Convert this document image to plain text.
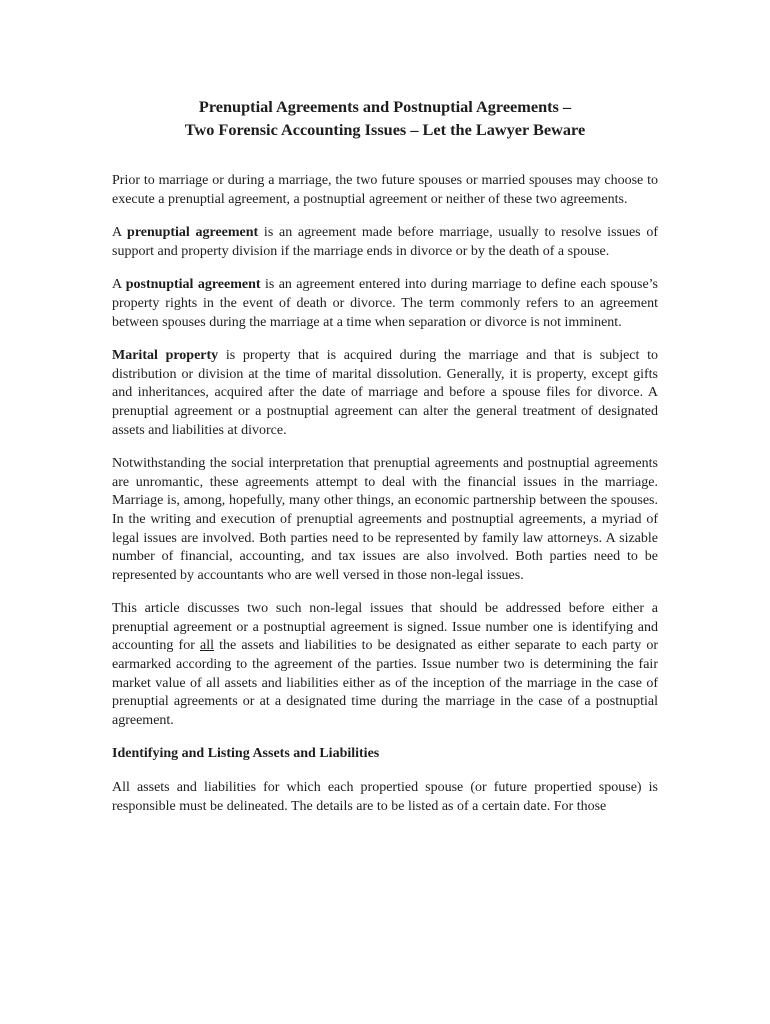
Prenuptial Agreements and Postnuptial Agreements –
Two Forensic Accounting Issues – Let the Lawyer Beware
Prior to marriage or during a marriage, the two future spouses or married spouses may choose to execute a prenuptial agreement, a postnuptial agreement or neither of these two agreements.
A prenuptial agreement is an agreement made before marriage, usually to resolve issues of support and property division if the marriage ends in divorce or by the death of a spouse.
A postnuptial agreement is an agreement entered into during marriage to define each spouse’s property rights in the event of death or divorce. The term commonly refers to an agreement between spouses during the marriage at a time when separation or divorce is not imminent.
Marital property is property that is acquired during the marriage and that is subject to distribution or division at the time of marital dissolution. Generally, it is property, except gifts and inheritances, acquired after the date of marriage and before a spouse files for divorce. A prenuptial agreement or a postnuptial agreement can alter the general treatment of designated assets and liabilities at divorce.
Notwithstanding the social interpretation that prenuptial agreements and postnuptial agreements are unromantic, these agreements attempt to deal with the financial issues in the marriage. Marriage is, among, hopefully, many other things, an economic partnership between the spouses. In the writing and execution of prenuptial agreements and postnuptial agreements, a myriad of legal issues are involved. Both parties need to be represented by family law attorneys. A sizable number of financial, accounting, and tax issues are also involved. Both parties need to be represented by accountants who are well versed in those non-legal issues.
This article discusses two such non-legal issues that should be addressed before either a prenuptial agreement or a postnuptial agreement is signed. Issue number one is identifying and accounting for all the assets and liabilities to be designated as either separate to each party or earmarked according to the agreement of the parties. Issue number two is determining the fair market value of all assets and liabilities either as of the inception of the marriage in the case of prenuptial agreements or at a designated time during the marriage in the case of a postnuptial agreement.
Identifying and Listing Assets and Liabilities
All assets and liabilities for which each propertied spouse (or future propertied spouse) is responsible must be delineated. The details are to be listed as of a certain date. For those
